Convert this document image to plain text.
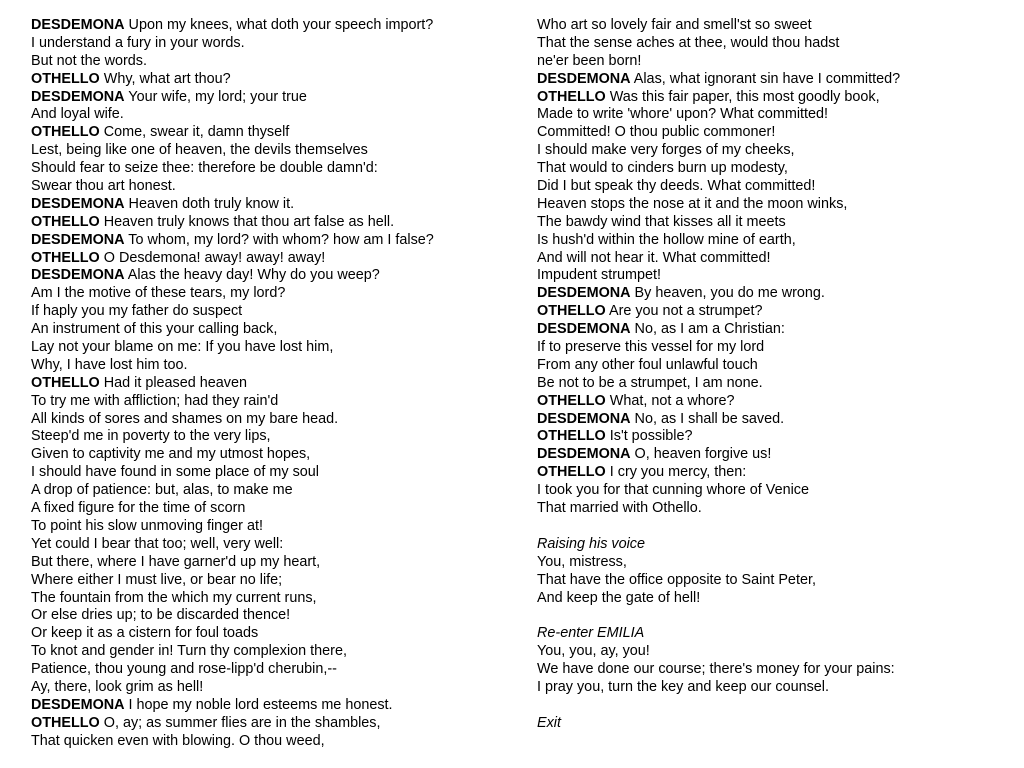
DESDEMONA Upon my knees, what doth your speech import?
I understand a fury in your words.
But not the words.
OTHELLO Why, what art thou?
DESDEMONA Your wife, my lord; your true
And loyal wife.
OTHELLO Come, swear it, damn thyself
Lest, being like one of heaven, the devils themselves
Should fear to seize thee: therefore be double damn'd:
Swear thou art honest.
DESDEMONA Heaven doth truly know it.
OTHELLO Heaven truly knows that thou art false as hell.
DESDEMONA To whom, my lord? with whom? how am I false?
OTHELLO O Desdemona! away! away! away!
DESDEMONA Alas the heavy day! Why do you weep?
Am I the motive of these tears, my lord?
If haply you my father do suspect
An instrument of this your calling back,
Lay not your blame on me: If you have lost him,
Why, I have lost him too.
OTHELLO Had it pleased heaven
To try me with affliction; had they rain'd
All kinds of sores and shames on my bare head.
Steep'd me in poverty to the very lips,
Given to captivity me and my utmost hopes,
I should have found in some place of my soul
A drop of patience: but, alas, to make me
A fixed figure for the time of scorn
To point his slow unmoving finger at!
Yet could I bear that too; well, very well:
But there, where I have garner'd up my heart,
Where either I must live, or bear no life;
The fountain from the which my current runs,
Or else dries up; to be discarded thence!
Or keep it as a cistern for foul toads
To knot and gender in! Turn thy complexion there,
Patience, thou young and rose-lipp'd cherubin,--
Ay, there, look grim as hell!
DESDEMONA I hope my noble lord esteems me honest.
OTHELLO O, ay; as summer flies are in the shambles,
That quicken even with blowing. O thou weed,
Who art so lovely fair and smell'st so sweet
That the sense aches at thee, would thou hadst
ne'er been born!
DESDEMONA Alas, what ignorant sin have I committed?
OTHELLO Was this fair paper, this most goodly book,
Made to write 'whore' upon? What committed!
Committed! O thou public commoner!
I should make very forges of my cheeks,
That would to cinders burn up modesty,
Did I but speak thy deeds. What committed!
Heaven stops the nose at it and the moon winks,
The bawdy wind that kisses all it meets
Is hush'd within the hollow mine of earth,
And will not hear it. What committed!
Impudent strumpet!
DESDEMONA By heaven, you do me wrong.
OTHELLO Are you not a strumpet?
DESDEMONA No, as I am a Christian:
If to preserve this vessel for my lord
From any other foul unlawful touch
Be not to be a strumpet, I am none.
OTHELLO What, not a whore?
DESDEMONA No, as I shall be saved.
OTHELLO Is't possible?
DESDEMONA O, heaven forgive us!
OTHELLO I cry you mercy, then:
I took you for that cunning whore of Venice
That married with Othello.
Raising his voice
You, mistress,
That have the office opposite to Saint Peter,
And keep the gate of hell!
Re-enter EMILIA
You, you, ay, you!
We have done our course; there's money for your pains:
I pray you, turn the key and keep our counsel.
Exit
